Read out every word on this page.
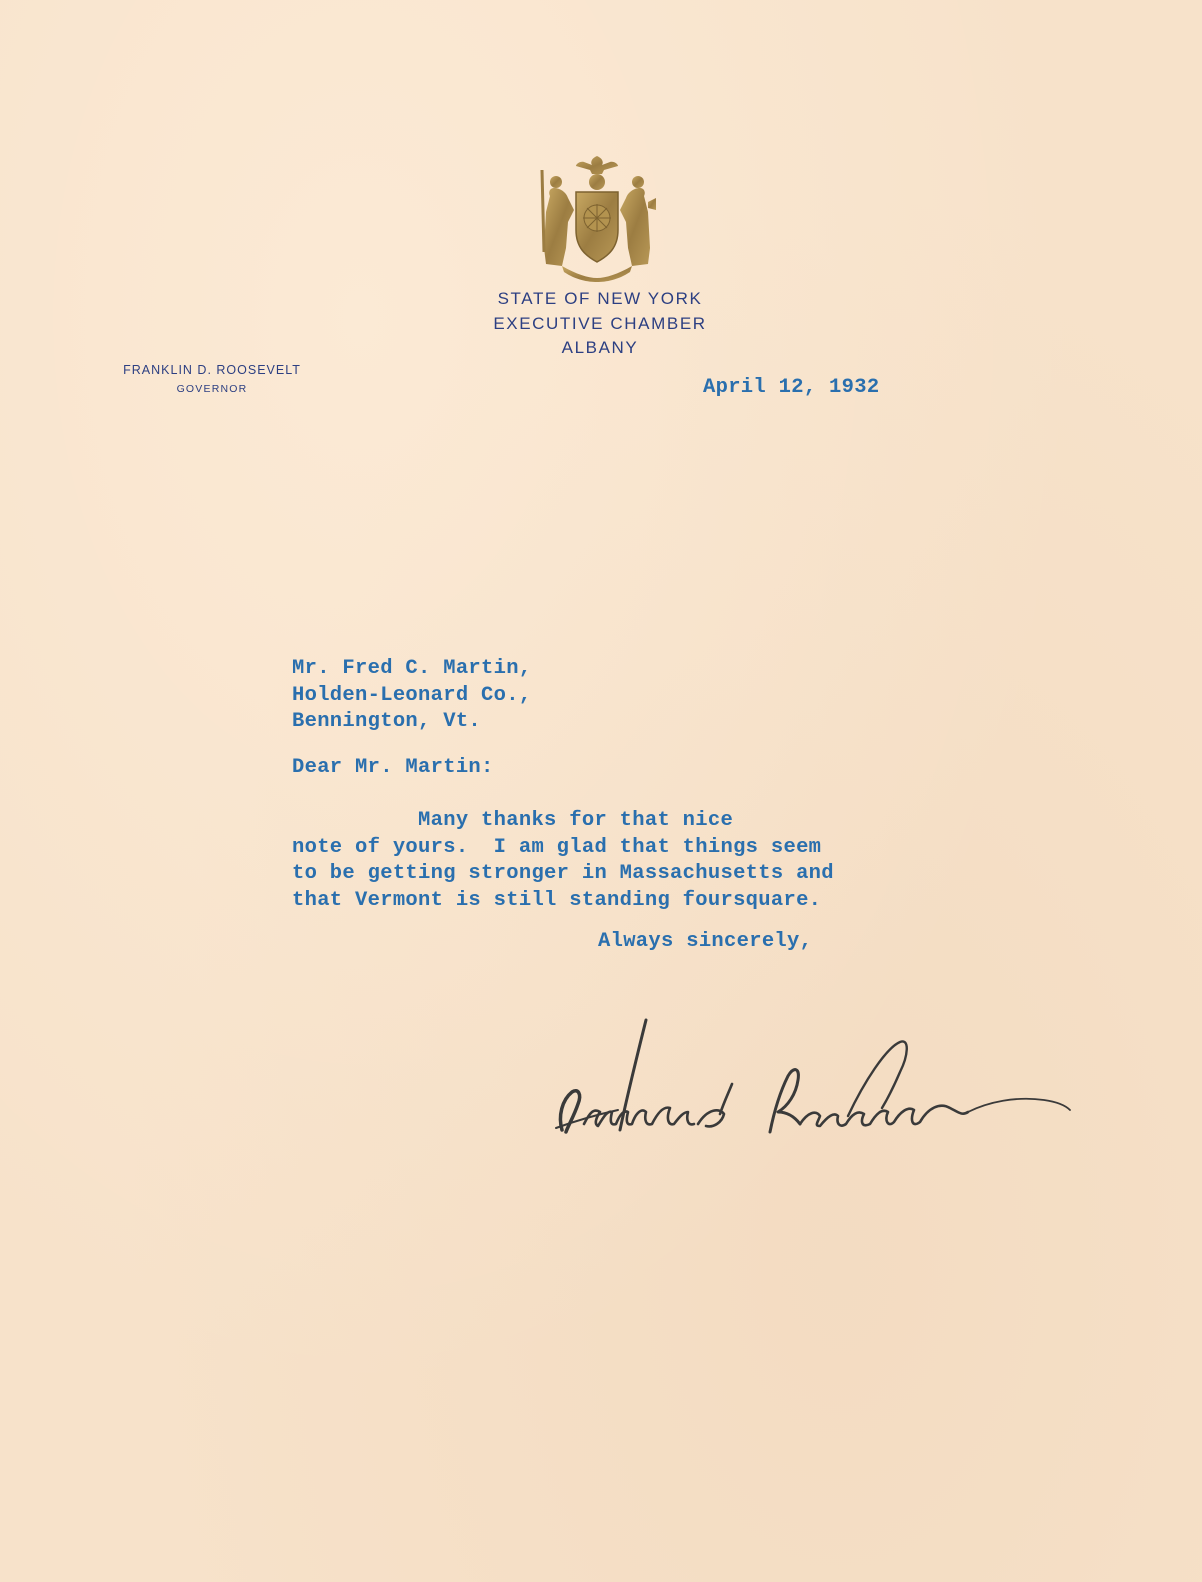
STATE OF NEW YORK
EXECUTIVE CHAMBER
ALBANY
FRANKLIN D. ROOSEVELT
GOVERNOR	April 12, 1932
Mr. Fred C. Martin,
Holden-Leonard Co.,
Bennington, Vt.
Dear Mr. Martin:
Many thanks for that nice
note of yours.  I am glad that things seem
to be getting stronger in Massachusetts and
that Vermont is still standing foursquare.
Always sincerely,
